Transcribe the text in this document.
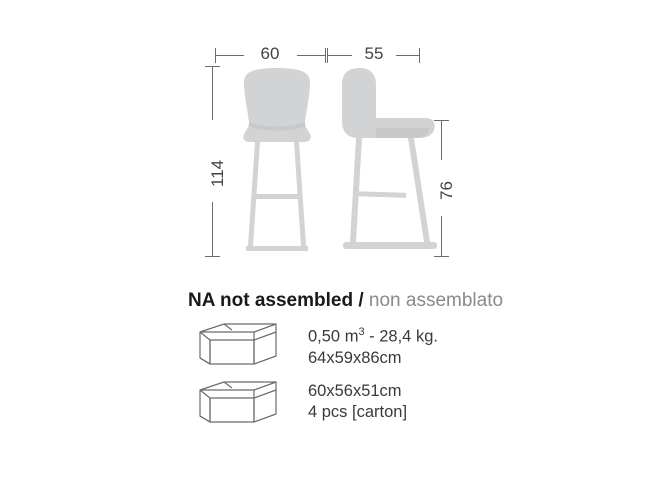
60	55
114
76
NA not assembled / non assemblato
0,50 $m^3 - 28,4$ kg.
64x59x86cm
60x56x51cm
4 pcs [carton]
